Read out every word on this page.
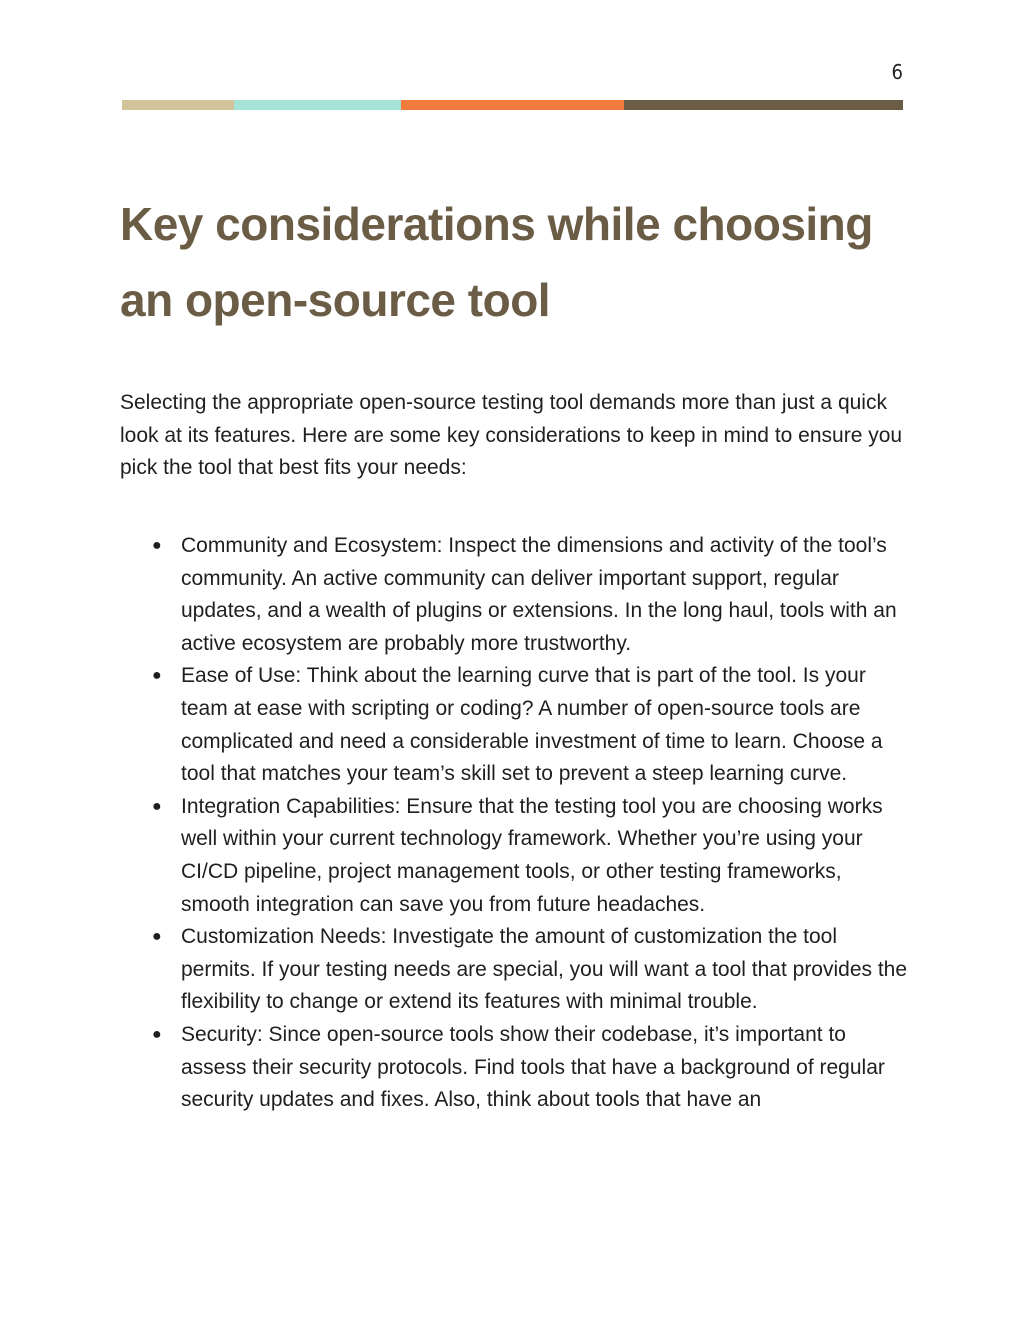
6
Key considerations while choosing
an open-source tool

Selecting the appropriate open-source testing tool demands more than just a quick look at its features. Here are some key considerations to keep in mind to ensure you pick the tool that best fits your needs:

● Community and Ecosystem: Inspect the dimensions and activity of the tool’s community. An active community can deliver important support, regular updates, and a wealth of plugins or extensions. In the long haul, tools with an active ecosystem are probably more trustworthy.
● Ease of Use: Think about the learning curve that is part of the tool. Is your team at ease with scripting or coding? A number of open-source tools are complicated and need a considerable investment of time to learn. Choose a tool that matches your team’s skill set to prevent a steep learning curve.
● Integration Capabilities: Ensure that the testing tool you are choosing works well within your current technology framework. Whether you’re using your CI/CD pipeline, project management tools, or other testing frameworks, smooth integration can save you from future headaches.
● Customization Needs: Investigate the amount of customization the tool permits. If your testing needs are special, you will want a tool that provides the flexibility to change or extend its features with minimal trouble.
● Security: Since open-source tools show their codebase, it’s important to assess their security protocols. Find tools that have a background of regular security updates and fixes. Also, think about tools that have an
